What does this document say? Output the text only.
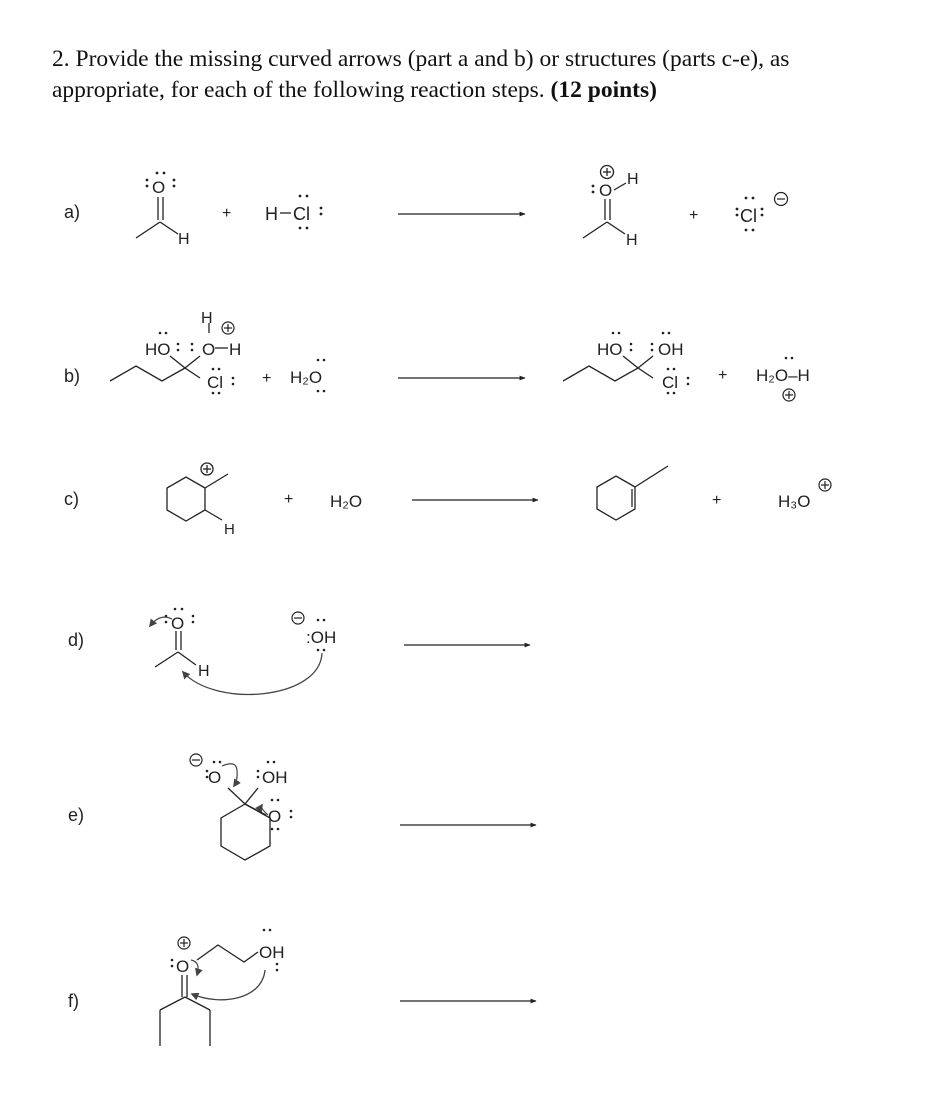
2. Provide the missing curved arrows (part a and b) or structures (parts c-e), as appropriate, for each of the following reaction steps. (12 points)
a)
O
H
+ H Cl
O
H
H
+ Cl
b)
HO
H
O H
Cl + H₂O
HO OH
Cl + H₂O–H
c)
H
+ H₂O	+	H₃O
d)
O
H
:OH
e)
O OH
O
f)
O
OH
